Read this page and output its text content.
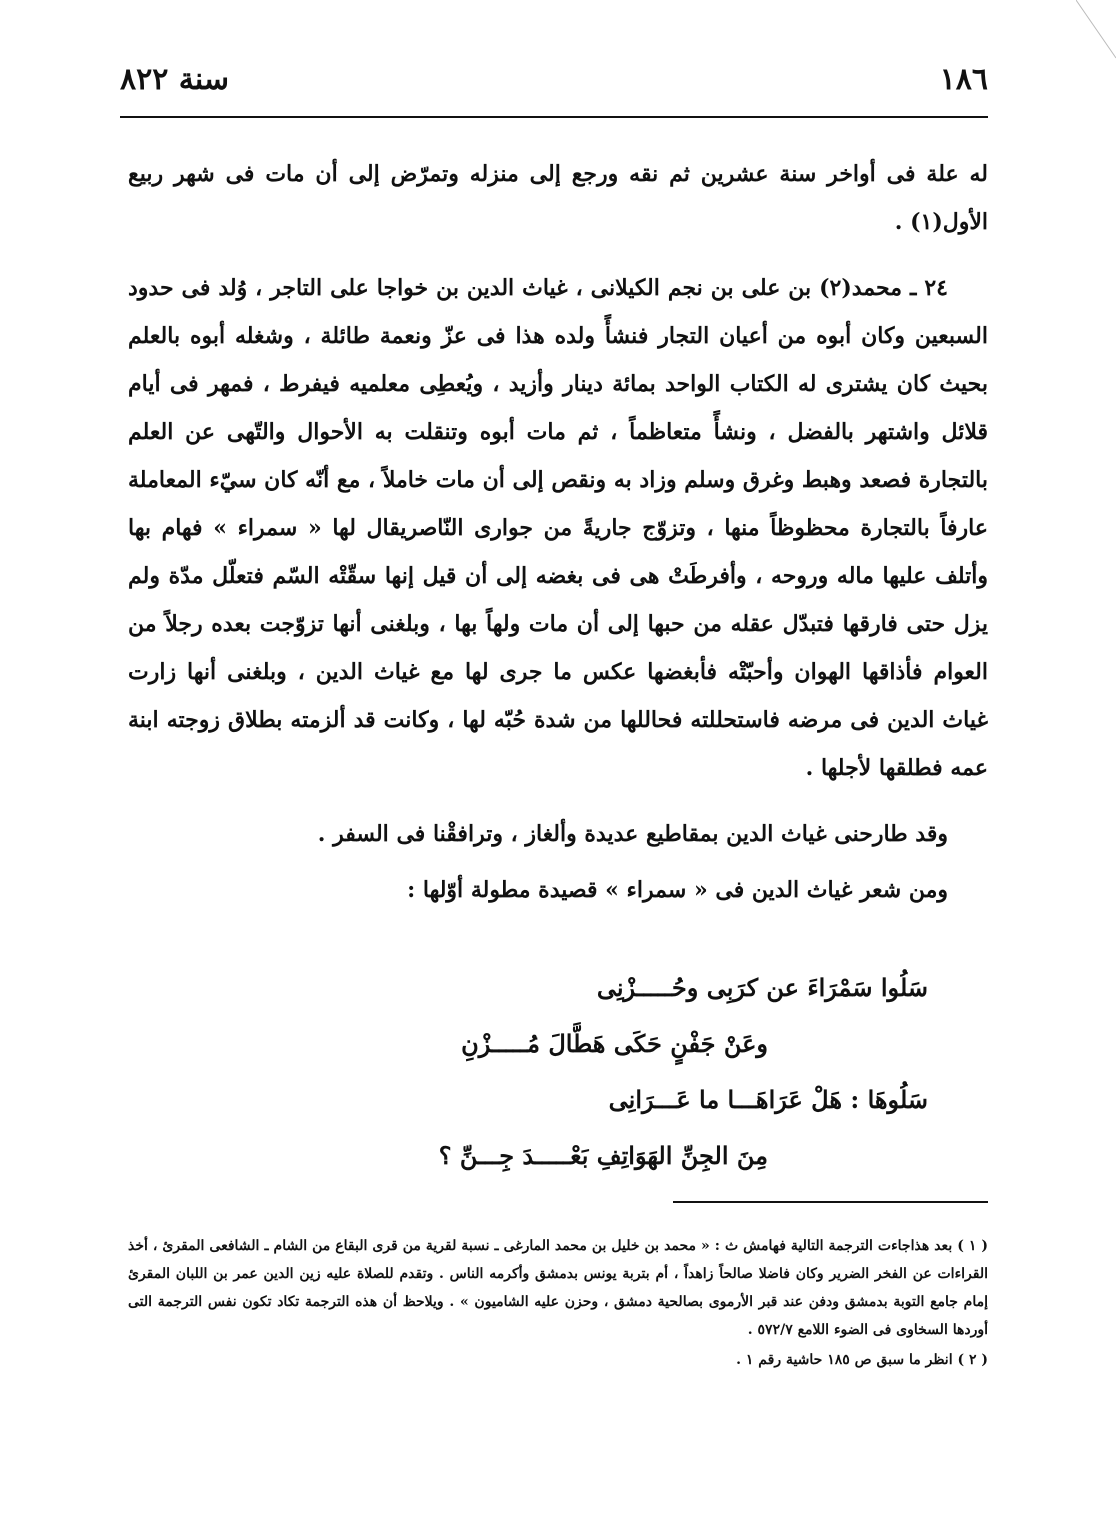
١٨٦
سنة ٨٢٢

له علة فى أواخر سنة عشرين ثم نقه ورجع إلى منزله وتمرّض إلى أن مات فى شهر ربيع الأول(١) .

٢٤ ـ محمد(٢) بن على بن نجم الكيلانى ، غياث الدين بن خواجا على التاجر ، وُلد فى حدود السبعين وكان أبوه من أعيان التجار فنشأً ولده هذا فى عزّ ونعمة طائلة ، وشغله أبوه بالعلم بحيث كان يشترى له الكتاب الواحد بمائة دينار وأزيد ، ويُعطِى معلميه فيفرط ، فمهر فى أيام قلائل واشتهر بالفضل ، ونشأً متعاظماً ، ثم مات أبوه وتنقلت به الأحوال والتّهى عن العلم بالتجارة فصعد وهبط وغرق وسلم وزاد به ونقص إلى أن مات خاملاً ، مع أنّه كان سيّء المعاملة عارفاً بالتجارة محظوظاً منها ، وتزوّج جاريةً من جوارى النّاصريقال لها « سمراء » فهام بها وأتلف عليها ماله وروحه ، وأفرطَتْ هى فى بغضه إلى أن قيل إنها سقّتْه السّم فتعلّل مدّة ولم يزل حتى فارقها فتبدّل عقله من حبها إلى أن مات ولهاً بها ، وبلغنى أنها تزوّجت بعده رجلاً من العوام فأذاقها الهوان وأحبّتْه فأبغضها عكس ما جرى لها مع غياث الدين ، وبلغنى أنها زارت غياث الدين فى مرضه فاستحللته فحاللها من شدة حُبّه لها ، وكانت قد ألزمته بطلاق زوجته ابنة عمه فطلقها لأجلها .

وقد طارحنى غياث الدين بمقاطيع عديدة وألغاز ، وترافقْنا فى السفر .

ومن شعر غياث الدين فى « سمراء » قصيدة مطولة أوّلها :

سَلُوا سَمْرَاءَ عن كرَبِى وحُـــــزْنِى
وعَنْ جَفْنٍ حَكَى هَطَّالَ مُـــــزْنِ
سَلُوهَا : هَلْ عَرَاهَـــا ما عَـــرَانِى
مِنَ الجِنِّ الهَوَاتِفِ بَعْـــــدَ جِـــنِّ ؟

( ١ ) بعد هذاجاءت الترجمة التالية فهامش ث : « محمد بن خليل بن محمد المارغى ـ نسبة لقرية من قرى البقاع من الشام ـ الشافعى المقرئ ، أخذ القراءات عن الفخر الضرير وكان فاضلا صالحاً زاهداً ، أم بتربة يونس بدمشق وأكرمه الناس . وتقدم للصلاة عليه زين الدين عمر بن اللبان المقرئ إمام جامع التوبة بدمشق ودفن عند قبر الأرموى بصالحية دمشق ، وحزن عليه الشاميون » . ويلاحظ أن هذه الترجمة تكاد تكون نفس الترجمة التى أوردها السخاوى فى الضوء اللامع ٥٧٢/٧ .

( ٢ ) انظر ما سبق ص ١٨٥ حاشية رقم ١ .
